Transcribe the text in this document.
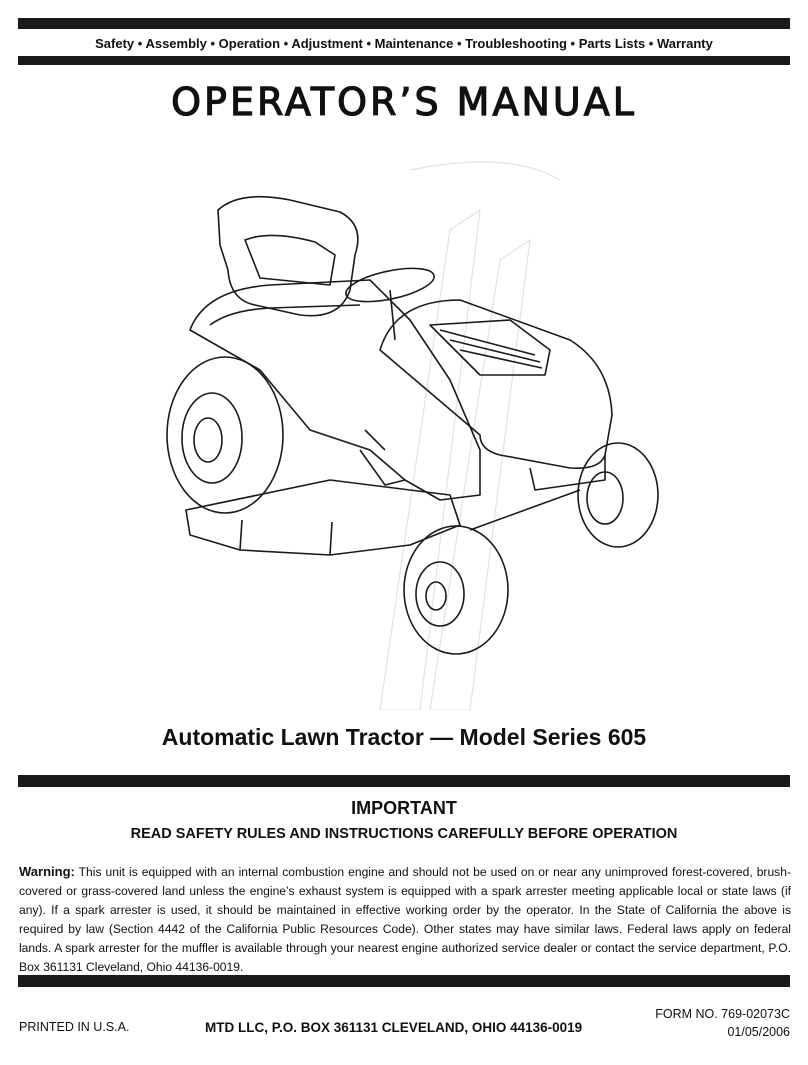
Safety • Assembly • Operation • Adjustment • Maintenance • Troubleshooting • Parts Lists • Warranty
OPERATOR’S MANUAL
Automatic Lawn Tractor — Model Series 605
IMPORTANT
READ SAFETY RULES AND INSTRUCTIONS CAREFULLY BEFORE OPERATION
Warning: This unit is equipped with an internal combustion engine and should not be used on or near any unimproved forest-covered, brush-covered or grass-covered land unless the engine’s exhaust system is equipped with a spark arrester meeting applicable local or state laws (if any). If a spark arrester is used, it should be maintained in effective working order by the operator. In the State of California the above is required by law (Section 4442 of the California Public Resources Code). Other states may have similar laws. Federal laws apply on federal lands. A spark arrester for the muffler is available through your nearest engine authorized service dealer or contact the service department, P.O. Box 361131 Cleveland, Ohio 44136-0019.
PRINTED IN U.S.A.	MTD LLC, P.O. BOX 361131 CLEVELAND, OHIO 44136-0019
FORM NO. 769-02073C
01/05/2006
